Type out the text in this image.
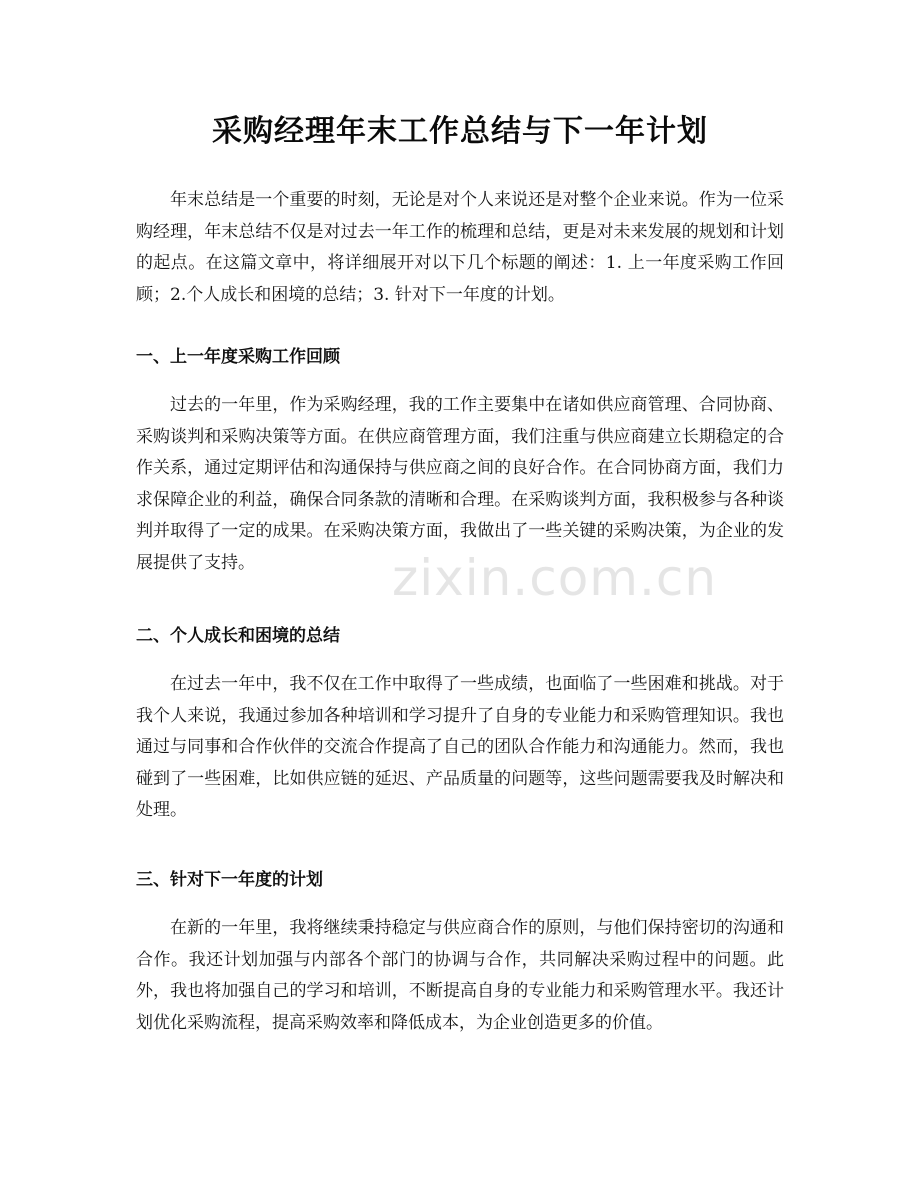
采购经理年末工作总结与下一年计划

年末总结是一个重要的时刻，无论是对个人来说还是对整个企业来说。作为一位采购经理，年末总结不仅是对过去一年工作的梳理和总结，更是对未来发展的规划和计划的起点。在这篇文章中，将详细展开对以下几个标题的阐述：1. 上一年度采购工作回顾；2.个人成长和困境的总结；3. 针对下一年度的计划。

一、上一年度采购工作回顾

过去的一年里，作为采购经理，我的工作主要集中在诸如供应商管理、合同协商、采购谈判和采购决策等方面。在供应商管理方面，我们注重与供应商建立长期稳定的合作关系，通过定期评估和沟通保持与供应商之间的良好合作。在合同协商方面，我们力求保障企业的利益，确保合同条款的清晰和合理。在采购谈判方面，我积极参与各种谈判并取得了一定的成果。在采购决策方面，我做出了一些关键的采购决策，为企业的发展提供了支持。

二、个人成长和困境的总结

在过去一年中，我不仅在工作中取得了一些成绩，也面临了一些困难和挑战。对于我个人来说，我通过参加各种培训和学习提升了自身的专业能力和采购管理知识。我也通过与同事和合作伙伴的交流合作提高了自己的团队合作能力和沟通能力。然而，我也碰到了一些困难，比如供应链的延迟、产品质量的问题等，这些问题需要我及时解决和处理。

三、针对下一年度的计划

在新的一年里，我将继续秉持稳定与供应商合作的原则，与他们保持密切的沟通和合作。我还计划加强与内部各个部门的协调与合作，共同解决采购过程中的问题。此外，我也将加强自己的学习和培训，不断提高自身的专业能力和采购管理水平。我还计划优化采购流程，提高采购效率和降低成本，为企业创造更多的价值。

zixin.com.cn
